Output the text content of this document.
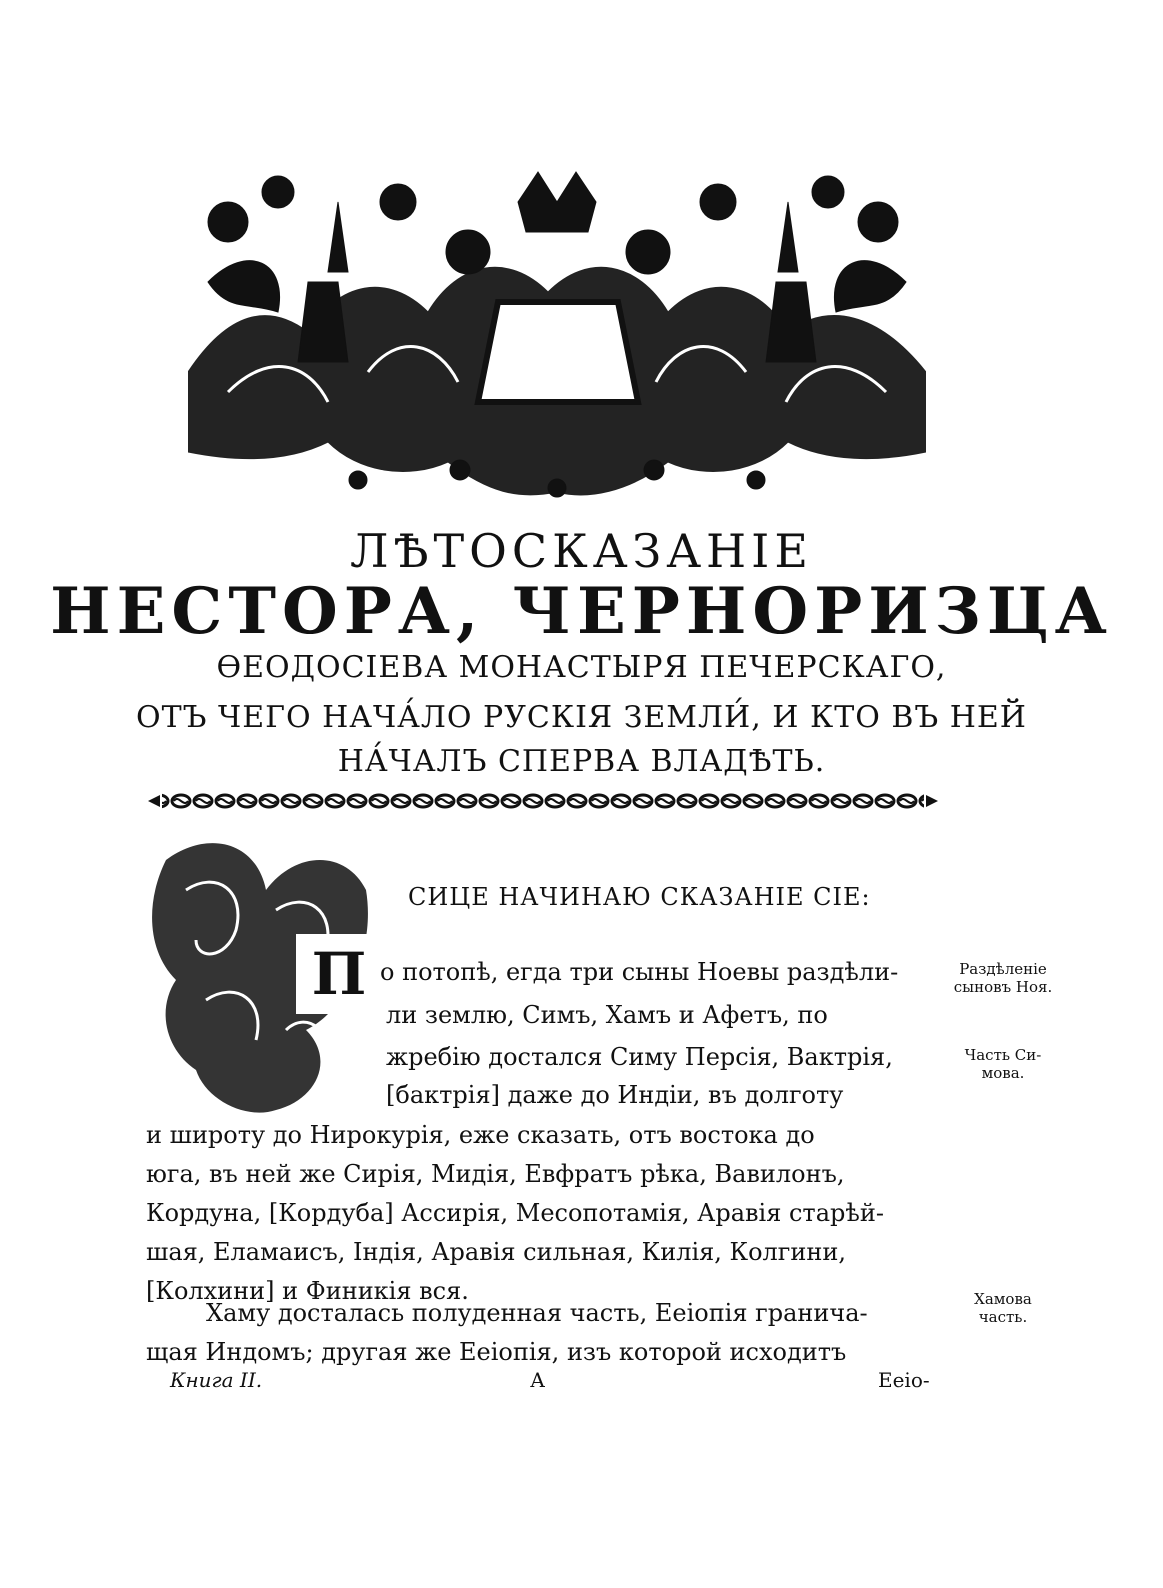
ЛѢТОСКАЗАНІЕ
НЕСТОРА, ЧЕРНОРИЗЦА
ѲЕОДОСІЕВА МОНАСТЫРЯ ПЕЧЕРСКАГО,
ОТЪ ЧЕГО НАЧА́ЛО РУСКІЯ ЗЕМЛИ́, И КТО ВЪ НЕЙ
НА́ЧАЛЪ СПЕРВА ВЛАДѢТЬ.
П
СИЦЕ НАЧИНАЮ СКАЗАНІЕ СІЕ:
о потопѣ, егда три сыны Ноевы раздѣли-
ли землю, Симъ, Хамъ и Афетъ, по
жребію достался Симу Персія, Вактрія,
[бактрія] даже до Индіи, въ долготу
и широту до Нирокурія, еже сказать, отъ востока до
юга, въ ней же Сирія, Мидія, Евфратъ рѣка, Вавилонъ,
Кордуна, [Кордуба] Ассирія, Месопотамія, Аравія старѣй-
шая, Еламаисъ, Індія, Аравія сильная, Килія, Колгини,
[Колхини] и Финикія вся.
Хаму досталась полуденная часть, Ееіопія гранича-
щая Индомъ; другая же Ееіопія, изъ которой исходитъ
Раздѣленіе
сыновъ Ноя.
Часть Си-
мова.
Хамова
часть.
Книга II.	А	Ееіо-
